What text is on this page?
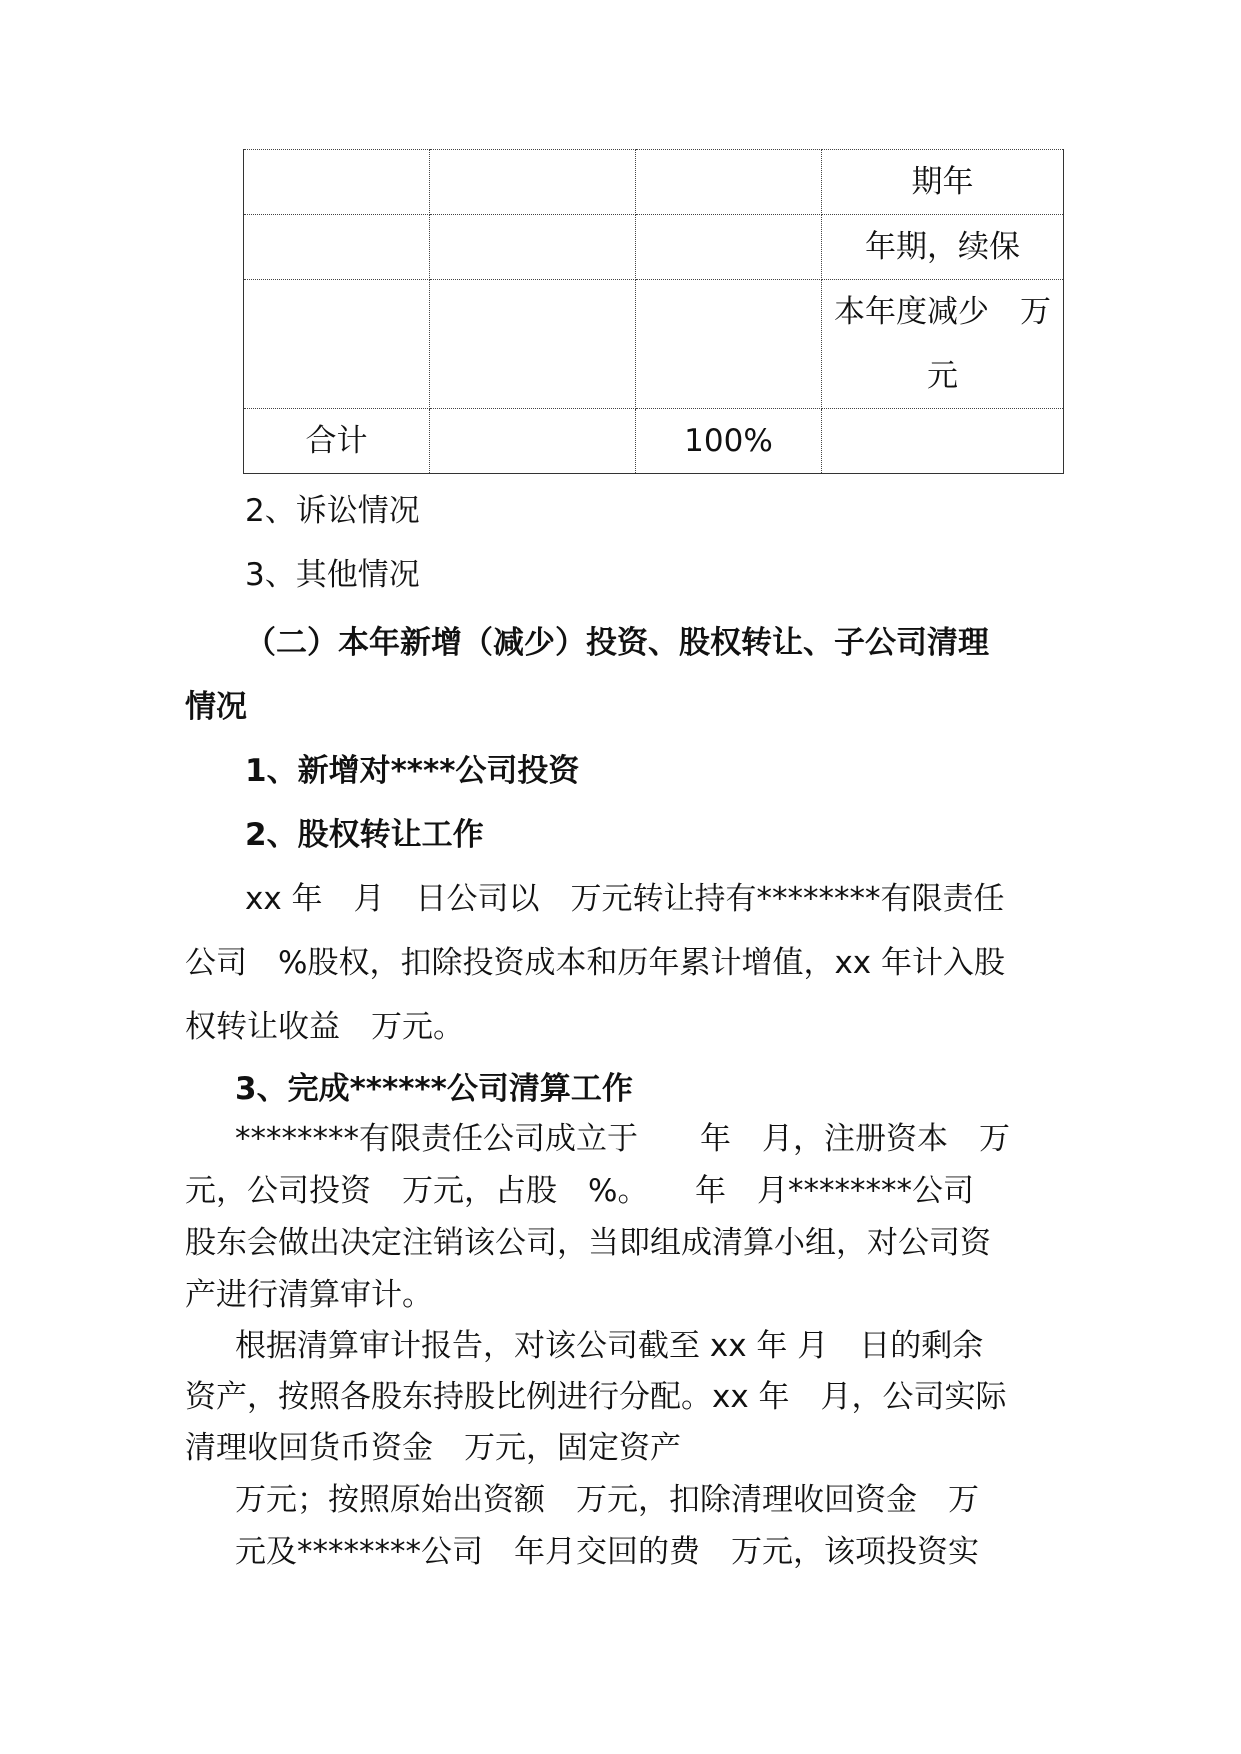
			期年
			年期，续保

			本年度减少　万
元

合计		100%	
2、诉讼情况
3、其他情况
（二）本年新增（减少）投资、股权转让、子公司清理
情况
1、新增对****公司投资
2、股权转让工作
xx 年　月　日公司以　万元转让持有********有限责任
公司　%股权，扣除投资成本和历年累计增值，xx 年计入股
权转让收益　万元。
3、完成******公司清算工作
********有限责任公司成立于　　年　月，注册资本　万
元，公司投资　万元，占股　%。　　年　月********公司
股东会做出决定注销该公司，当即组成清算小组，对公司资
产进行清算审计。
根据清算审计报告，对该公司截至 xx 年 月　日的剩余
资产，按照各股东持股比例进行分配。xx 年　月，公司实际
清理收回货币资金　万元，固定资产
万元；按照原始出资额　万元，扣除清理收回资金　万
元及********公司　年月交回的费　万元，该项投资实
